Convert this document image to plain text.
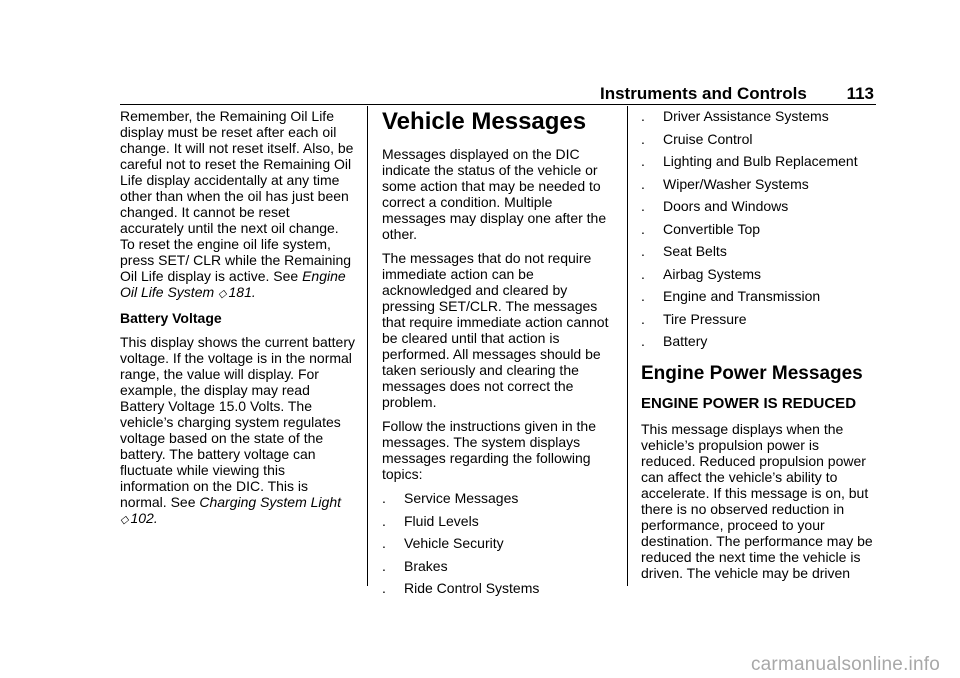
Instruments and Controls 113

Remember, the Remaining Oil Life display must be reset after each oil change. It will not reset itself. Also, be careful not to reset the Remaining Oil Life display accidentally at any time other than when the oil has just been changed. It cannot be reset accurately until the next oil change. To reset the engine oil life system, press SET/ CLR while the Remaining Oil Life display is active. See Engine Oil Life System ◇ 181.

Battery Voltage

This display shows the current battery voltage. If the voltage is in the normal range, the value will display. For example, the display may read Battery Voltage 15.0 Volts. The vehicle’s charging system regulates voltage based on the state of the battery. The battery voltage can fluctuate while viewing this information on the DIC. This is normal. See Charging System Light
◇ 102.

Vehicle Messages

Messages displayed on the DIC indicate the status of the vehicle or some action that may be needed to correct a condition. Multiple messages may display one after the other.

The messages that do not require immediate action can be acknowledged and cleared by pressing SET/CLR. The messages that require immediate action cannot be cleared until that action is performed. All messages should be taken seriously and clearing the messages does not correct the problem.

Follow the instructions given in the messages. The system displays messages regarding the following topics:

.	Service Messages
.	Fluid Levels
.	Vehicle Security
.	Brakes
.	Ride Control Systems
.	Driver Assistance Systems
.	Cruise Control
.	Lighting and Bulb Replacement
.	Wiper/Washer Systems
.	Doors and Windows
.	Convertible Top
.	Seat Belts
.	Airbag Systems
.	Engine and Transmission
.	Tire Pressure
.	Battery
Engine Power Messages
ENGINE POWER IS REDUCED

This message displays when the vehicle’s propulsion power is reduced. Reduced propulsion power can affect the vehicle’s ability to accelerate. If this message is on, but there is no observed reduction in performance, proceed to your destination. The performance may be reduced the next time the vehicle is driven. The vehicle may be driven

carmanualsonline.info
